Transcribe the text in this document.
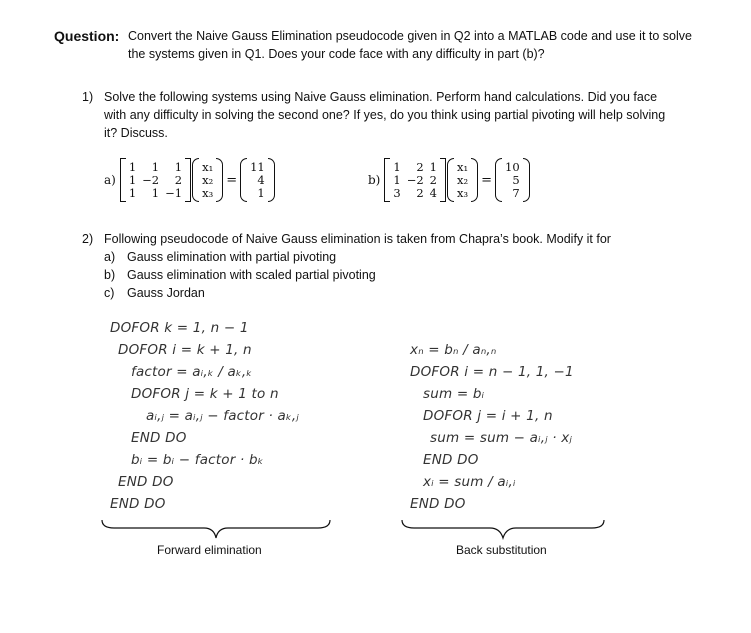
Question: Convert the Naive Gauss Elimination pseudocode given in Q2 into a MATLAB code and use it to solve
the systems given in Q1. Does your code face with any difficulty in part (b)?
1) Solve the following systems using Naive Gauss elimination. Perform hand calculations. Did you face
with any difficulty in solving the second one? If yes, do you think using partial pivoting will help solving
it? Discuss.
a)
1	1	1
1	−2	2
1	1	−1
x₁
x₂
x₃
=
11
4
1
b)
1	2	1
1	−2	2
3	2	4
x₁
x₂
x₃
=
10
5
7
2) Following pseudocode of Naive Gauss elimination is taken from Chapra’s book. Modify it for
a) Gauss elimination with partial pivoting
b) Gauss elimination with scaled partial pivoting
c) Gauss Jordan
DOFOR k = 1, n − 1
DOFOR i = k + 1, n
factor = aᵢ,ₖ / aₖ,ₖ
DOFOR j = k + 1 to n
aᵢ,ⱼ = aᵢ,ⱼ − factor · aₖ,ⱼ
END DO
bᵢ = bᵢ − factor · bₖ
END DO
END DO
xₙ = bₙ / aₙ,ₙ
DOFOR i = n − 1, 1, −1
sum = bᵢ
DOFOR j = i + 1, n
sum = sum − aᵢ,ⱼ · xⱼ
END DO
xᵢ = sum / aᵢ,ᵢ
END DO
Forward elimination	Back substitution
